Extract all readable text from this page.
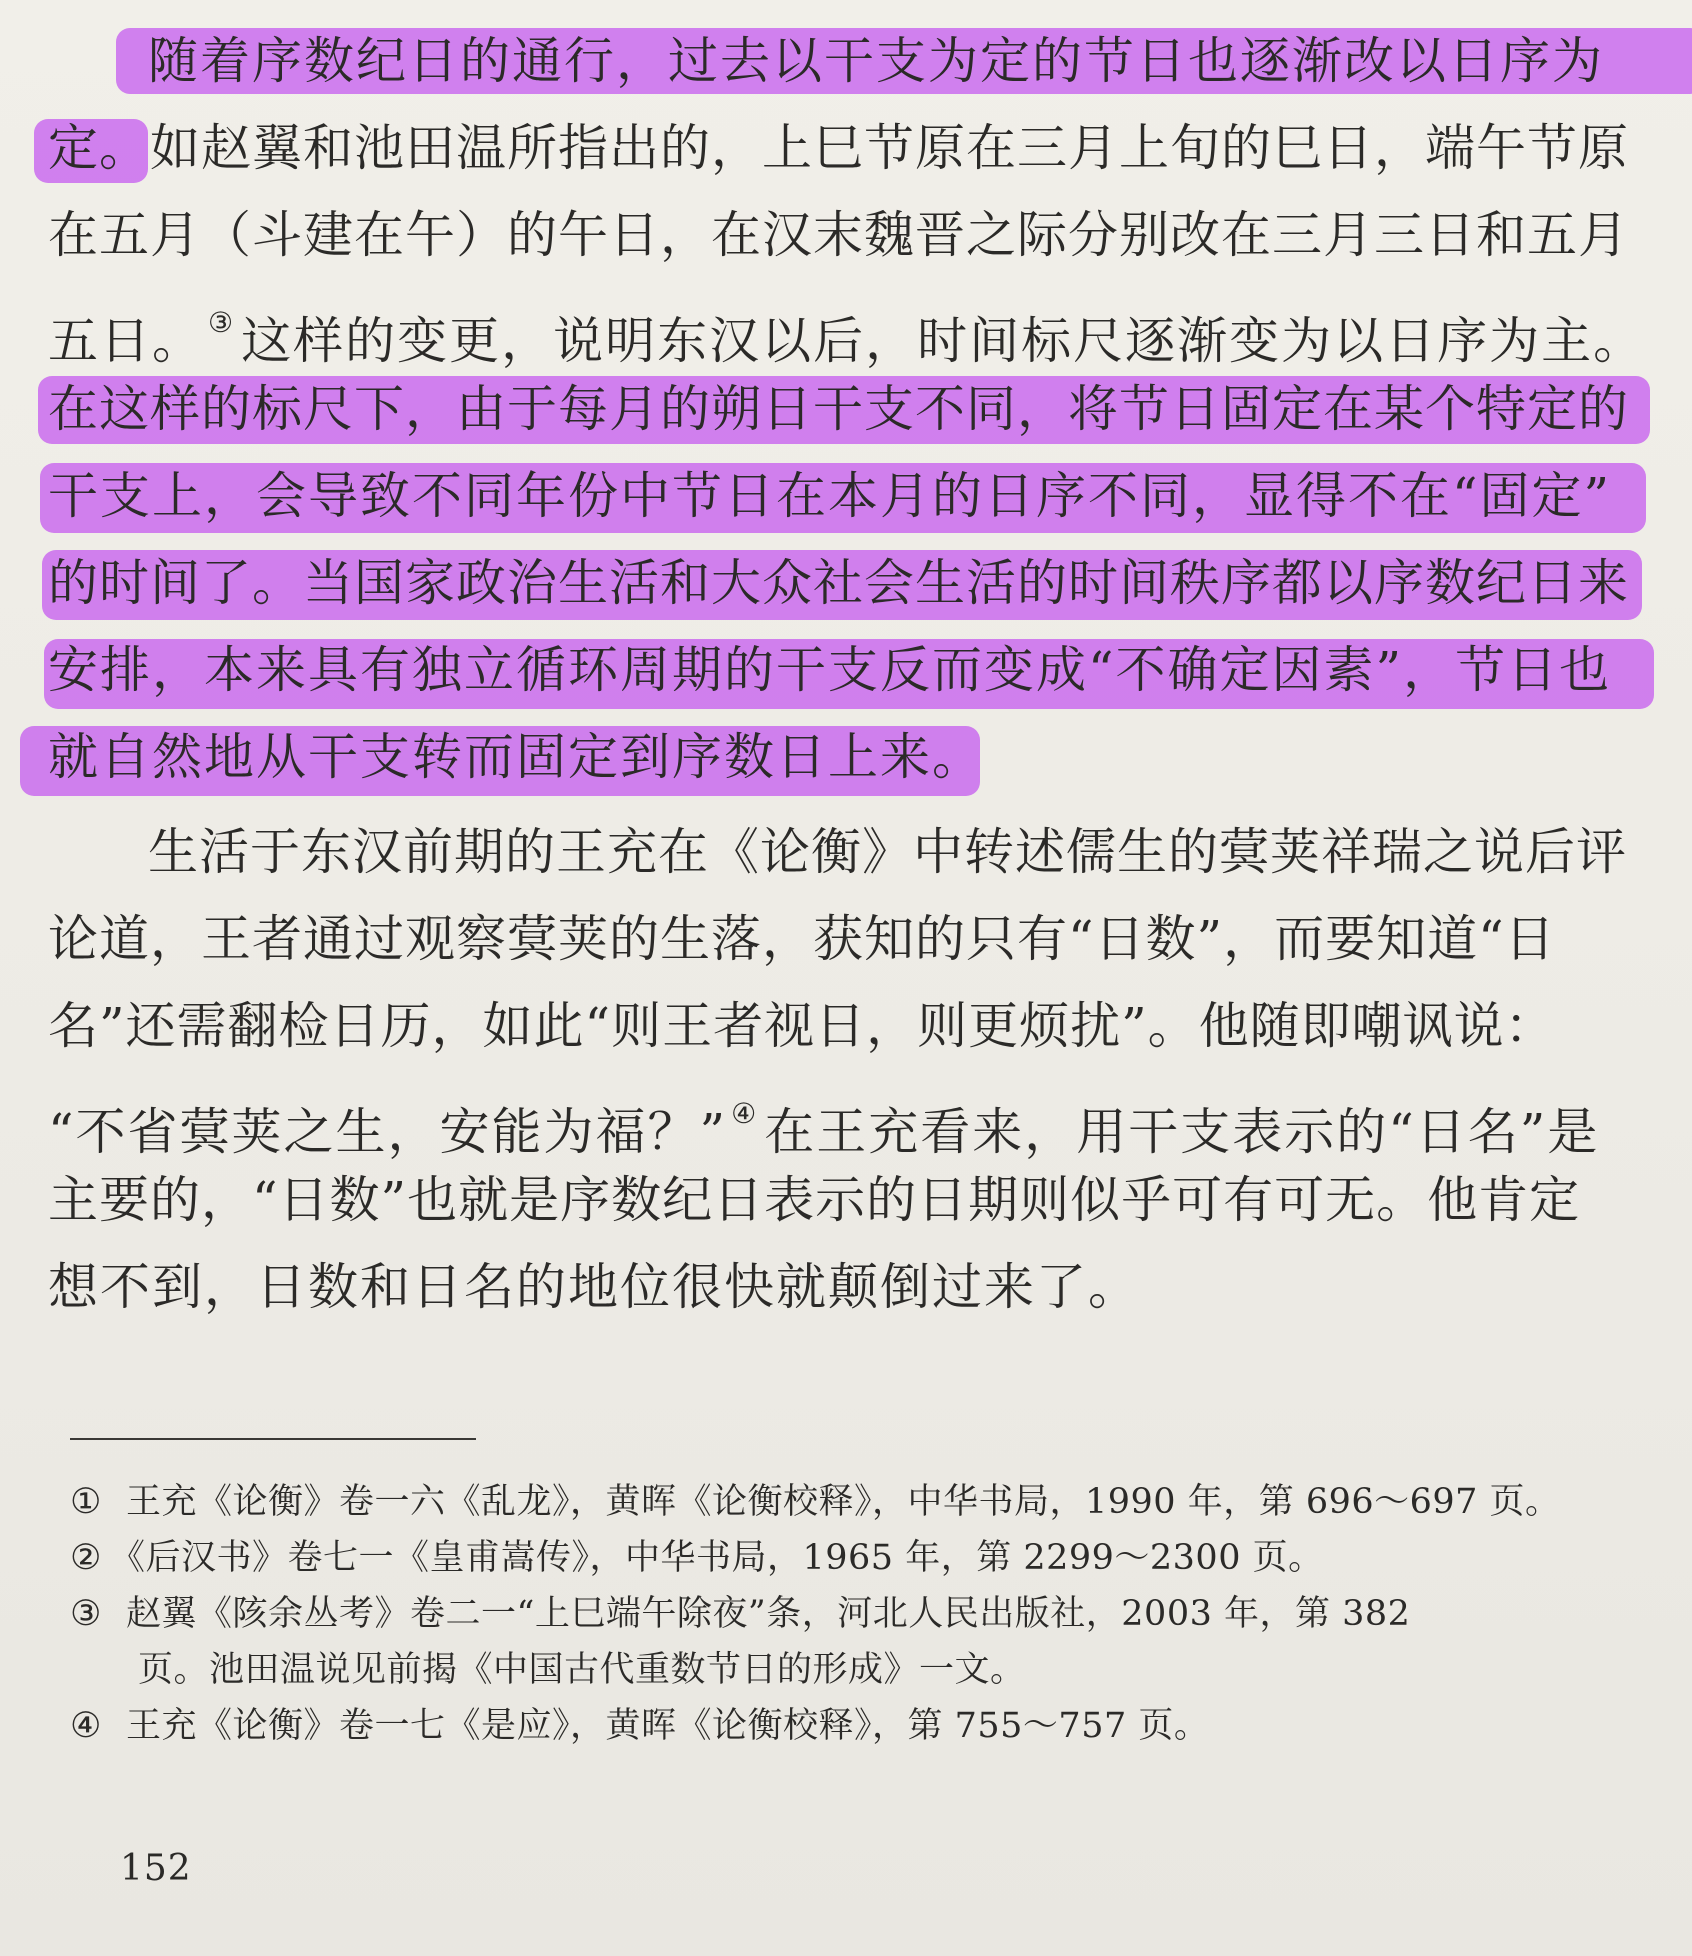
随着序数纪日的通行，过去以干支为定的节日也逐渐改以日序为
定。如赵翼和池田温所指出的，上巳节原在三月上旬的巳日，端午节原
在五月（斗建在午）的午日，在汉末魏晋之际分别改在三月三日和五月
五日。 ③ 这样的变更，说明东汉以后，时间标尺逐渐变为以日序为主。
在这样的标尺下，由于每月的朔日干支不同，将节日固定在某个特定的
干支上，会导致不同年份中节日在本月的日序不同，显得不在“固定”
的时间了。当国家政治生活和大众社会生活的时间秩序都以序数纪日来
安排，本来具有独立循环周期的干支反而变成“不确定因素”，节日也
就自然地从干支转而固定到序数日上来。
生活于东汉前期的王充在《论衡》中转述儒生的蓂荚祥瑞之说后评
论道，王者通过观察蓂荚的生落，获知的只有“日数”，而要知道“日
名”还需翻检日历，如此“则王者视日，则更烦扰”。他随即嘲讽说：
“不省蓂荚之生，安能为福？” ④ 在王充看来，用干支表示的“日名”是
主要的，“日数”也就是序数纪日表示的日期则似乎可有可无。他肯定
想不到，日数和日名的地位很快就颠倒过来了。
① 王充《论衡》卷一六《乱龙》，黄晖《论衡校释》，中华书局，1990 年，第 696～697 页。
② 《后汉书》卷七一《皇甫嵩传》，中华书局，1965 年，第 2299～2300 页。
③ 赵翼《陔余丛考》卷二一“上巳端午除夜”条，河北人民出版社，2003 年，第 382
页。池田温说见前揭《中国古代重数节日的形成》一文。
④ 王充《论衡》卷一七《是应》，黄晖《论衡校释》，第 755～757 页。
152
